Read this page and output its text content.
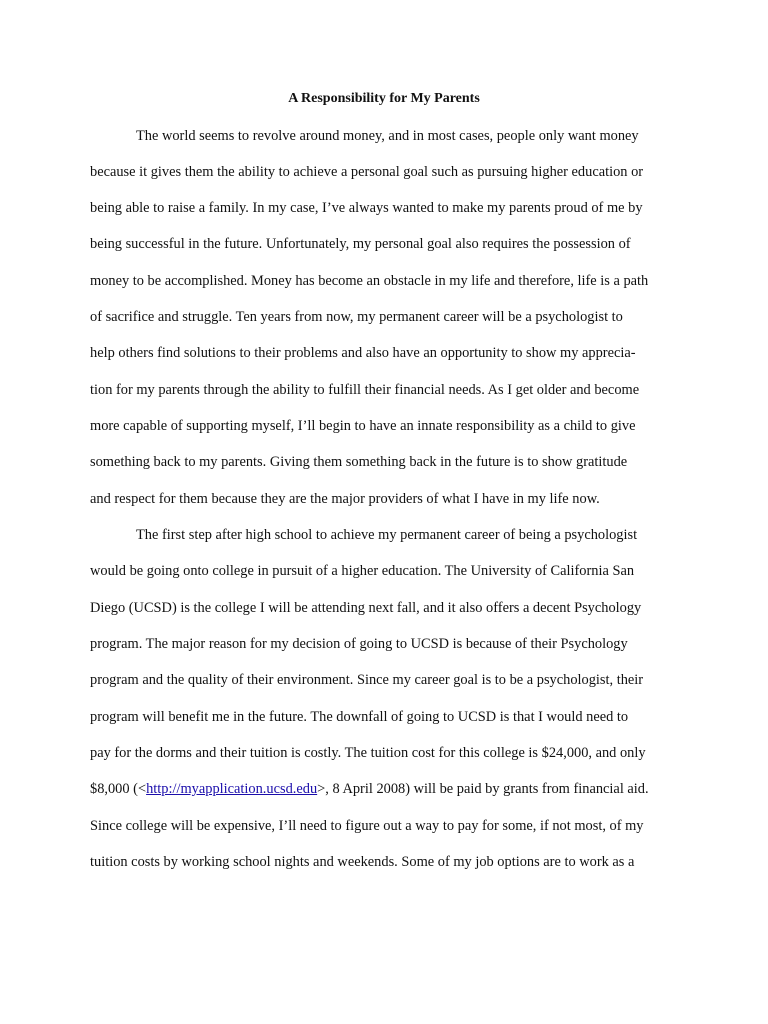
A Responsibility for My Parents
The world seems to revolve around money, and in most cases, people only want money
because it gives them the ability to achieve a personal goal such as pursuing higher education or
being able to raise a family. In my case, I’ve always wanted to make my parents proud of me by
being successful in the future. Unfortunately, my personal goal also requires the possession of
money to be accomplished. Money has become an obstacle in my life and therefore, life is a path
of sacrifice and struggle. Ten years from now, my permanent career will be a psychologist to
help others find solutions to their problems and also have an opportunity to show my apprecia-
tion for my parents through the ability to fulfill their financial needs. As I get older and become
more capable of supporting myself, I’ll begin to have an innate responsibility as a child to give
something back to my parents. Giving them something back in the future is to show gratitude
and respect for them because they are the major providers of what I have in my life now.
The first step after high school to achieve my permanent career of being a psychologist
would be going onto college in pursuit of a higher education. The University of California San
Diego (UCSD) is the college I will be attending next fall, and it also offers a decent Psychology
program. The major reason for my decision of going to UCSD is because of their Psychology
program and the quality of their environment. Since my career goal is to be a psychologist, their
program will benefit me in the future. The downfall of going to UCSD is that I would need to
pay for the dorms and their tuition is costly. The tuition cost for this college is $24,000, and only
$8,000 (<http://myapplication.ucsd.edu>, 8 April 2008) will be paid by grants from financial aid.
Since college will be expensive, I’ll need to figure out a way to pay for some, if not most, of my
tuition costs by working school nights and weekends. Some of my job options are to work as a
